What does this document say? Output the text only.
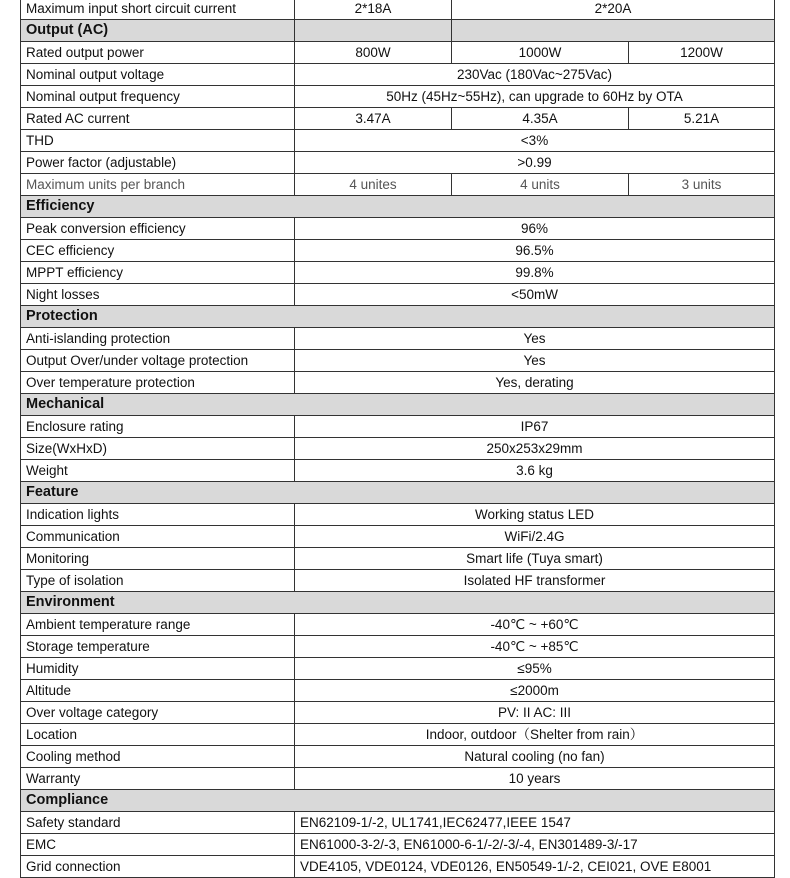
Maximum input short circuit current	2*18A	2*20A	
Output (AC)			
Rated output power	800W	1000W	1200W
Nominal output voltage	230Vac (180Vac~275Vac)		
Nominal output frequency	50Hz (45Hz~55Hz), can upgrade to 60Hz by OTA		
Rated AC current	3.47A	4.35A	5.21A
THD	<3%		
Power factor (adjustable)	>0.99		
Maximum units per branch	4 unites	4 units	3 units
Efficiency			
Peak conversion efficiency	96%		
CEC efficiency	96.5%		
MPPT efficiency	99.8%		
Night losses	<50mW		
Protection			
Anti-islanding protection	Yes		
Output Over/under voltage protection	Yes		
Over temperature protection	Yes, derating		
Mechanical			
Enclosure rating	IP67		
Size(WxHxD)	250x253x29mm		
Weight	3.6 kg		
Feature			
Indication lights	Working status LED		
Communication	WiFi/2.4G		
Monitoring	Smart life (Tuya smart)		
Type of isolation	Isolated HF transformer		
Environment			
Ambient temperature range	-40℃ ~ +60℃		
Storage temperature	-40℃ ~ +85℃		
Humidity	≤95%		
Altitude	≤2000m		
Over voltage category	PV: II AC: III		
Location	Indoor, outdoor（Shelter from rain）		
Cooling method	Natural cooling (no fan)		
Warranty	10 years		
Compliance			
Safety standard	EN62109-1/-2, UL1741,IEC62477,IEEE 1547		
EMC	EN61000-3-2/-3, EN61000-6-1/-2/-3/-4, EN301489-3/-17		
Grid connection	VDE4105, VDE0124, VDE0126, EN50549-1/-2, CEI021, OVE E8001		
